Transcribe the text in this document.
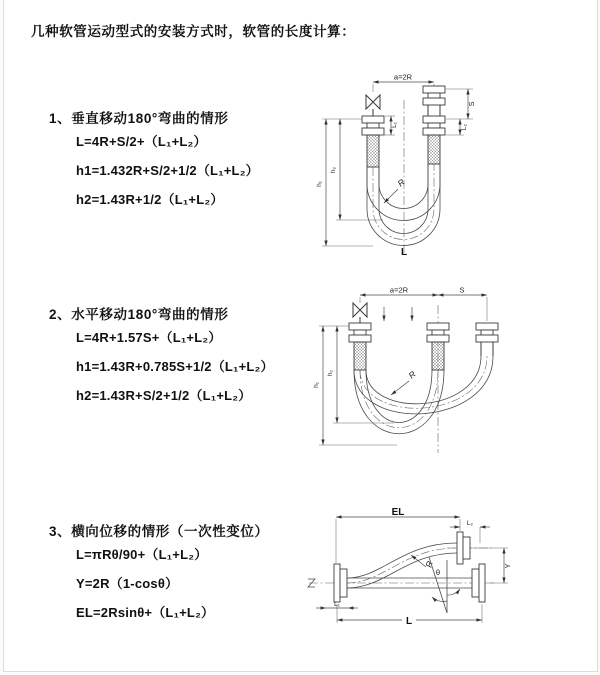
几种软管运动型式的安装方式时，软管的长度计算：

1、垂直移动180°弯曲的情形

L=4R+S/2+（L₁+L₂）

h1=1.432R+S/2+1/2（L₁+L₂）

h2=1.43R+1/2（L₁+L₂）

a=2R
L₁
S
L₂
h₁
h₂
R
L

2、水平移动180°弯曲的情形

L=4R+1.57S+（L₁+L₂）

h1=1.43R+0.785S+1/2（L₁+L₂）

h2=1.43R+S/2+1/2（L₁+L₂）

a=2R	S
h₁
h₂	R

3、横向位移的情形（一次性变位）

L=πRθ/90+（L₁+L₂）

Y=2R（1-cosθ）

EL=2Rsinθ+（L₁+L₂）

EL
L₂
Y
R
θ
L
L₁
